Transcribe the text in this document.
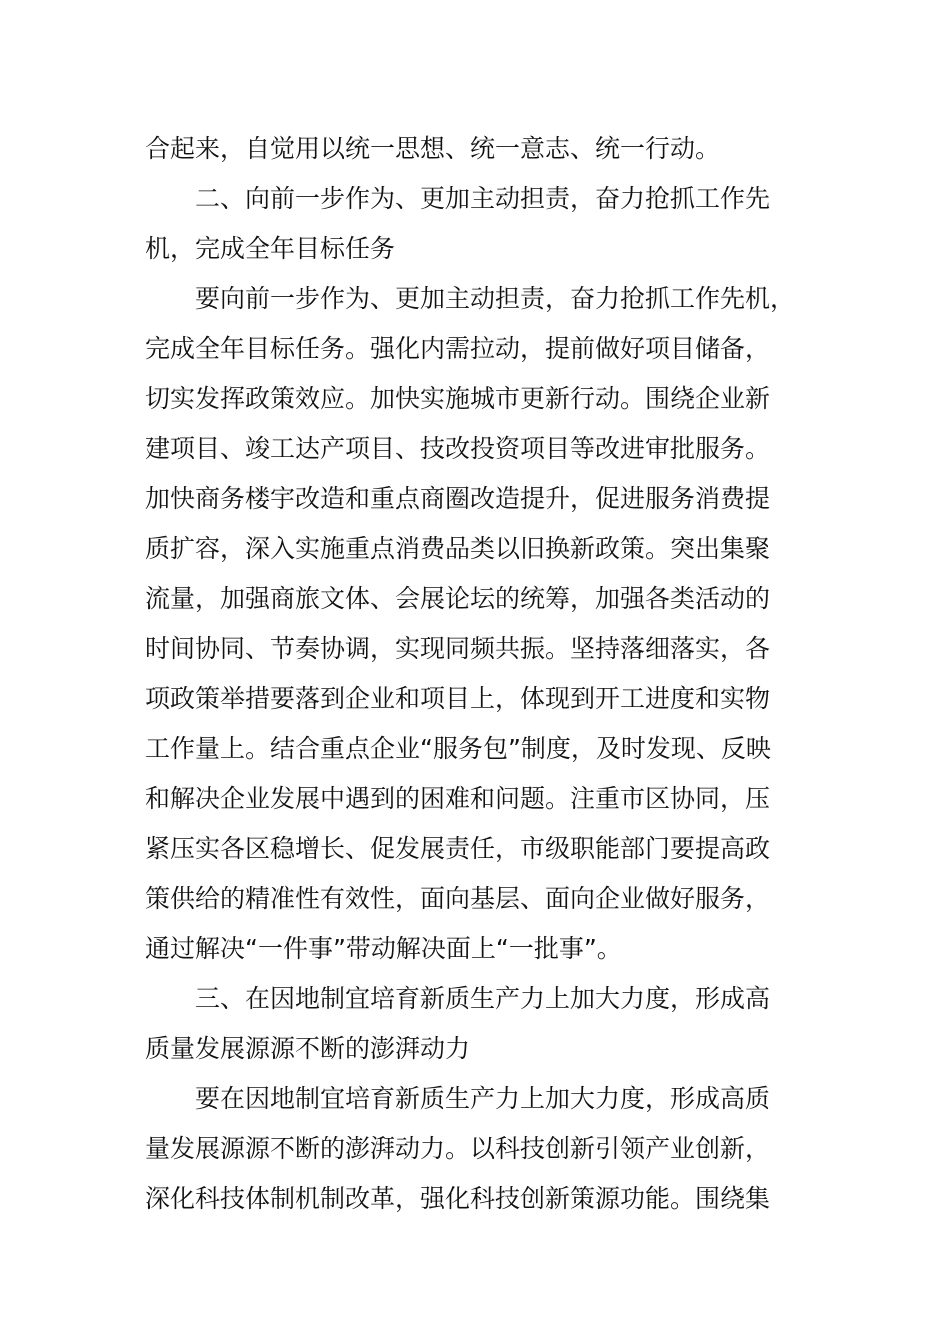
合起来，自觉用以统一思想、统一意志、统一行动。
二、向前一步作为、更加主动担责，奋力抢抓工作先
机，完成全年目标任务
要向前一步作为、更加主动担责，奋力抢抓工作先机，
完成全年目标任务。强化内需拉动，提前做好项目储备，
切实发挥政策效应。加快实施城市更新行动。围绕企业新
建项目、竣工达产项目、技改投资项目等改进审批服务。
加快商务楼宇改造和重点商圈改造提升，促进服务消费提
质扩容，深入实施重点消费品类以旧换新政策。突出集聚
流量，加强商旅文体、会展论坛的统筹，加强各类活动的
时间协同、节奏协调，实现同频共振。坚持落细落实，各
项政策举措要落到企业和项目上，体现到开工进度和实物
工作量上。结合重点企业“服务包”制度，及时发现、反映
和解决企业发展中遇到的困难和问题。注重市区协同，压
紧压实各区稳增长、促发展责任，市级职能部门要提高政
策供给的精准性有效性，面向基层、面向企业做好服务，
通过解决“一件事”带动解决面上“一批事”。
三、在因地制宜培育新质生产力上加大力度，形成高
质量发展源源不断的澎湃动力
要在因地制宜培育新质生产力上加大力度，形成高质
量发展源源不断的澎湃动力。以科技创新引领产业创新，
深化科技体制机制改革，强化科技创新策源功能。围绕集
